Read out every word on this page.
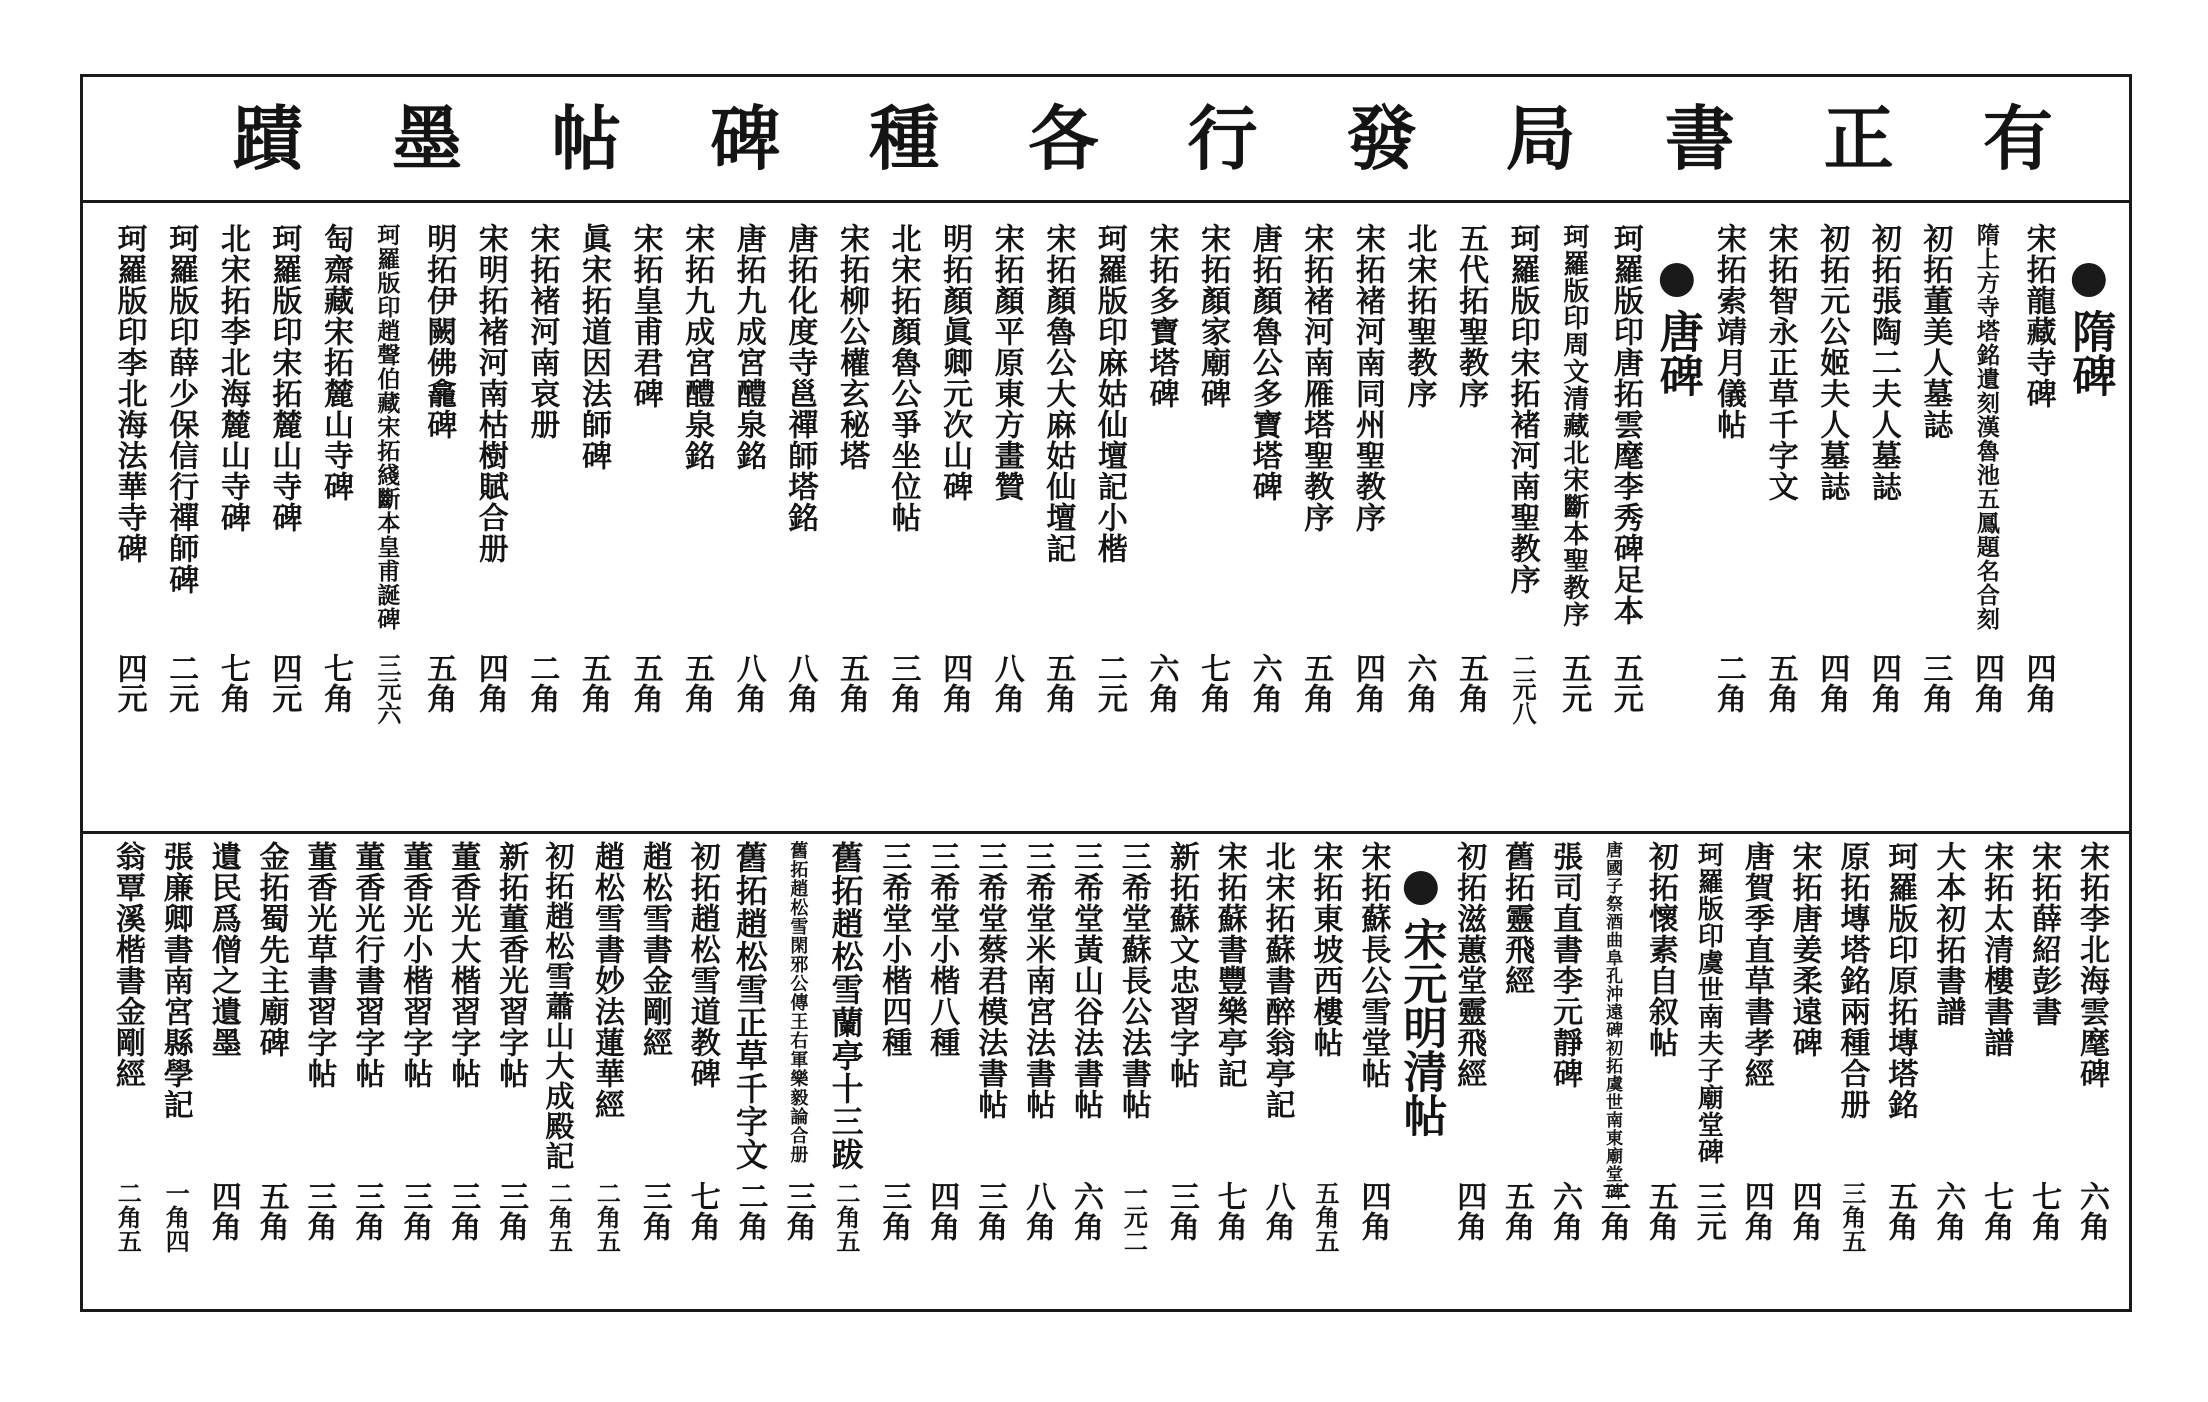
有
正
書
局
發
行
各
種
碑
帖
墨
蹟
隋碑
宋拓龍藏寺碑
四角
隋上方寺塔銘遺刻漢魯池五鳳題名合刻
四角
初拓董美人墓誌
三角
初拓張陶二夫人墓誌
四角
初拓元公姬夫人墓誌
四角
宋拓智永正草千字文
五角
宋拓索靖月儀帖
二角
唐碑
珂羅版印唐拓雲麾李秀碑足本
五元
珂羅版印周文清藏北宋斷本聖教序
五元
珂羅版印宋拓褚河南聖教序
二元八
五代拓聖教序
五角
北宋拓聖教序
六角
宋拓褚河南同州聖教序
四角
宋拓褚河南雁塔聖教序
五角
唐拓顏魯公多寶塔碑
六角
宋拓顏家廟碑
七角
宋拓多寶塔碑
六角
珂羅版印麻姑仙壇記小楷
二元
宋拓顏魯公大麻姑仙壇記
五角
宋拓顏平原東方畫贊
八角
明拓顏眞卿元次山碑
四角
北宋拓顏魯公爭坐位帖
三角
宋拓柳公權玄秘塔
五角
唐拓化度寺邕禪師塔銘
八角
唐拓九成宮醴泉銘
八角
宋拓九成宮醴泉銘
五角
宋拓皇甫君碑
五角
眞宋拓道因法師碑
五角
宋拓褚河南哀册
二角
宋明拓褚河南枯樹賦合册
四角
明拓伊闕佛龕碑
五角
珂羅版印趙聲伯藏宋拓綫斷本皇甫誕碑
三元六
匋齋藏宋拓麓山寺碑
七角
珂羅版印宋拓麓山寺碑
四元
北宋拓李北海麓山寺碑
七角
珂羅版印薛少保信行禪師碑
二元
珂羅版印李北海法華寺碑
四元
宋拓李北海雲麾碑
六角
宋拓薛紹彭書
七角
宋拓太清樓書譜
七角
大本初拓書譜
六角
珂羅版印原拓塼塔銘
五角
原拓塼塔銘兩種合册
三角五
宋拓唐姜柔遠碑
四角
唐賀季直草書孝經
四角
珂羅版印虞世南夫子廟堂碑
三元
初拓懷素自叙帖
五角
唐國子祭酒曲阜孔沖遠碑初拓虞世南東廟堂碑
三角
張司直書李元靜碑
六角
舊拓靈飛經
五角
初拓滋蕙堂靈飛經
四角
宋元明清帖
宋拓蘇長公雪堂帖
四角
宋拓東坡西樓帖
五角五
北宋拓蘇書醉翁亭記
八角
宋拓蘇書豐樂亭記
七角
新拓蘇文忠習字帖
三角
三希堂蘇長公法書帖
一元二
三希堂黃山谷法書帖
六角
三希堂米南宮法書帖
八角
三希堂蔡君模法書帖
三角
三希堂小楷八種
四角
三希堂小楷四種
三角
舊拓趙松雪蘭亭十三跋
二角五
舊拓趙松雪閑邪公傳王右軍樂毅論合册
三角
舊拓趙松雪正草千字文
二角
初拓趙松雪道教碑
七角
趙松雪書金剛經
三角
趙松雪書妙法蓮華經
二角五
初拓趙松雪蕭山大成殿記
二角五
新拓董香光習字帖
三角
董香光大楷習字帖
三角
董香光小楷習字帖
三角
董香光行書習字帖
三角
董香光草書習字帖
三角
金拓蜀先主廟碑
五角
遺民爲僧之遺墨
四角
張廉卿書南宮縣學記
一角四
翁覃溪楷書金剛經
二角五
